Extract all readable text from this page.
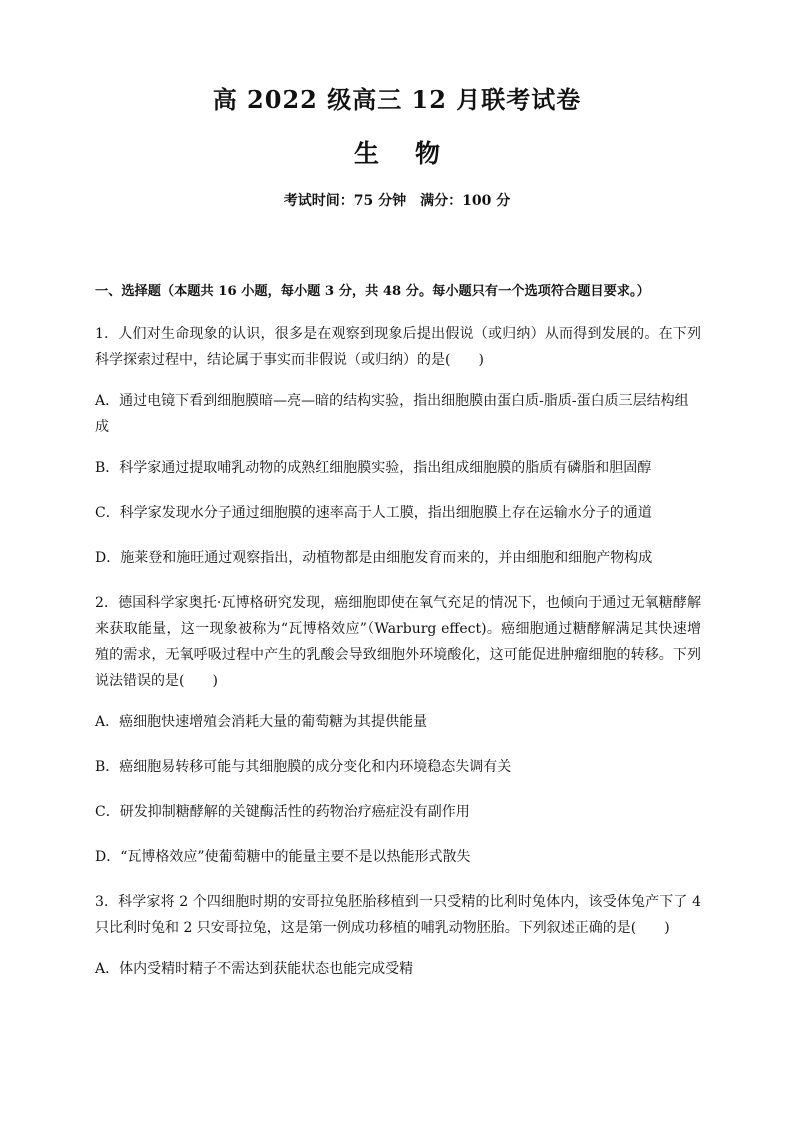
高 2022 级高三 12 月联考试卷
生物
考试时间：75 分钟 满分：100 分
一、选择题（本题共 16 小题，每小题 3 分，共 48 分。每小题只有一个选项符合题目要求。）
1．人们对生命现象的认识，很多是在观察到现象后提出假说（或归纳）从而得到发展的。在下列科学探索过程中，结论属于事实而非假说（或归纳）的是(　　)
A．通过电镜下看到细胞膜暗—亮—暗的结构实验，指出细胞膜由蛋白质-脂质-蛋白质三层结构组成
B．科学家通过提取哺乳动物的成熟红细胞膜实验，指出组成细胞膜的脂质有磷脂和胆固醇
C．科学家发现水分子通过细胞膜的速率高于人工膜，指出细胞膜上存在运输水分子的通道
D．施莱登和施旺通过观察指出，动植物都是由细胞发育而来的，并由细胞和细胞产物构成
2．德国科学家奥托·瓦博格研究发现，癌细胞即使在氧气充足的情况下，也倾向于通过无氧糖酵解来获取能量，这一现象被称为“瓦博格效应”（Warburg effect)。癌细胞通过糖酵解满足其快速增殖的需求，无氧呼吸过程中产生的乳酸会导致细胞外环境酸化，这可能促进肿瘤细胞的转移。下列说法错误的是(　　)
A．癌细胞快速增殖会消耗大量的葡萄糖为其提供能量
B．癌细胞易转移可能与其细胞膜的成分变化和内环境稳态失调有关
C．研发抑制糖酵解的关键酶活性的药物治疗癌症没有副作用
D．“瓦博格效应”使葡萄糖中的能量主要不是以热能形式散失
3．科学家将 2 个四细胞时期的安哥拉兔胚胎移植到一只受精的比利时兔体内，该受体兔产下了 4 只比利时兔和 2 只安哥拉兔，这是第一例成功移植的哺乳动物胚胎。下列叙述正确的是(　　)
A．体内受精时精子不需达到获能状态也能完成受精
